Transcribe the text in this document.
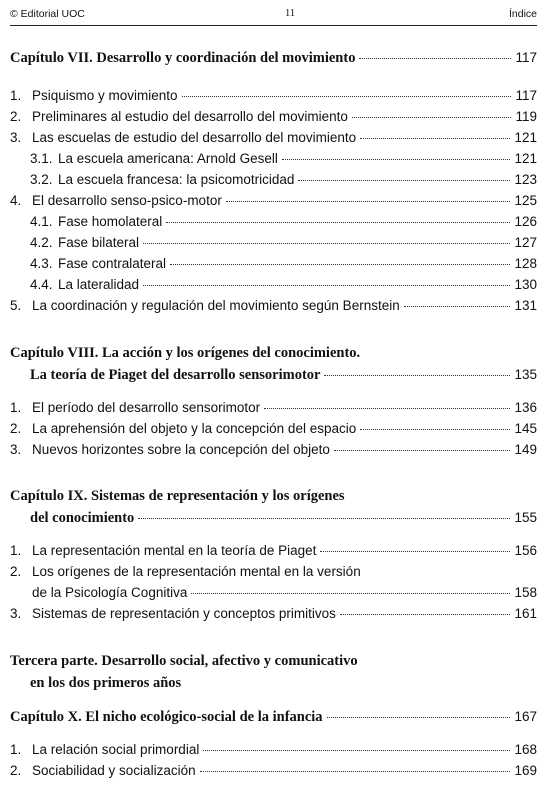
© Editorial UOC	11	Índice
Capítulo VII. Desarrollo y coordinación del movimiento	117
1. Psiquismo y movimiento	117
2. Preliminares al estudio del desarrollo del movimiento	119
3. Las escuelas de estudio del desarrollo del movimiento	121
3.1. La escuela americana: Arnold Gesell	121
3.2. La escuela francesa: la psicomotricidad	123
4. El desarrollo senso-psico-motor	125
4.1. Fase homolateral	126
4.2. Fase bilateral	127
4.3. Fase contralateral	128
4.4. La lateralidad	130
5. La coordinación y regulación del movimiento según Bernstein	131
Capítulo VIII. La acción y los orígenes del conocimiento.
La teoría de Piaget del desarrollo sensorimotor	135
1. El período del desarrollo sensorimotor	136
2. La aprehensión del objeto y la concepción del espacio	145
3. Nuevos horizontes sobre la concepción del objeto	149
Capítulo IX. Sistemas de representación y los orígenes
del conocimiento	155
1. La representación mental en la teoría de Piaget	156
2. Los orígenes de la representación mental en la versión
de la Psicología Cognitiva	158
3. Sistemas de representación y conceptos primitivos	161
Tercera parte. Desarrollo social, afectivo y comunicativo
en los dos primeros años
Capítulo X. El nicho ecológico-social de la infancia	167
1. La relación social primordial	168
2. Sociabilidad y socialización	169
